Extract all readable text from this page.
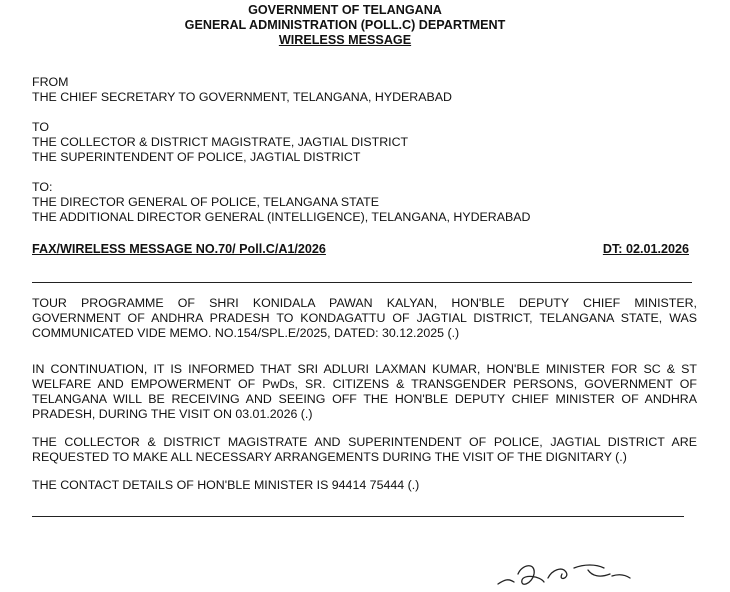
GOVERNMENT OF TELANGANA
GENERAL ADMINISTRATION (POLL.C) DEPARTMENT
WIRELESS MESSAGE
FROM
THE CHIEF SECRETARY TO GOVERNMENT, TELANGANA, HYDERABAD
TO
THE COLLECTOR & DISTRICT MAGISTRATE, JAGTIAL DISTRICT
THE SUPERINTENDENT OF POLICE, JAGTIAL DISTRICT
TO:
THE DIRECTOR GENERAL OF POLICE, TELANGANA STATE
THE ADDITIONAL DIRECTOR GENERAL (INTELLIGENCE), TELANGANA, HYDERABAD
FAX/WIRELESS MESSAGE NO.70/ Poll.C/A1/2026	DT: 02.01.2026
TOUR PROGRAMME OF SHRI KONIDALA PAWAN KALYAN, HON'BLE DEPUTY CHIEF MINISTER,
GOVERNMENT OF ANDHRA PRADESH TO KONDAGATTU OF JAGTIAL DISTRICT, TELANGANA STATE, WAS
COMMUNICATED VIDE MEMO. NO.154/SPL.E/2025, DATED: 30.12.2025 (.)
IN CONTINUATION, IT IS INFORMED THAT SRI ADLURI LAXMAN KUMAR, HON'BLE MINISTER FOR SC & ST
WELFARE AND EMPOWERMENT OF PwDs, SR. CITIZENS & TRANSGENDER PERSONS, GOVERNMENT OF
TELANGANA WILL BE RECEIVING AND SEEING OFF THE HON'BLE DEPUTY CHIEF MINISTER OF ANDHRA
PRADESH, DURING THE VISIT ON 03.01.2026 (.)
THE COLLECTOR & DISTRICT MAGISTRATE AND SUPERINTENDENT OF POLICE, JAGTIAL DISTRICT ARE
REQUESTED TO MAKE ALL NECESSARY ARRANGEMENTS DURING THE VISIT OF THE DIGNITARY (.)
THE CONTACT DETAILS OF HON'BLE MINISTER IS 94414 75444 (.)
